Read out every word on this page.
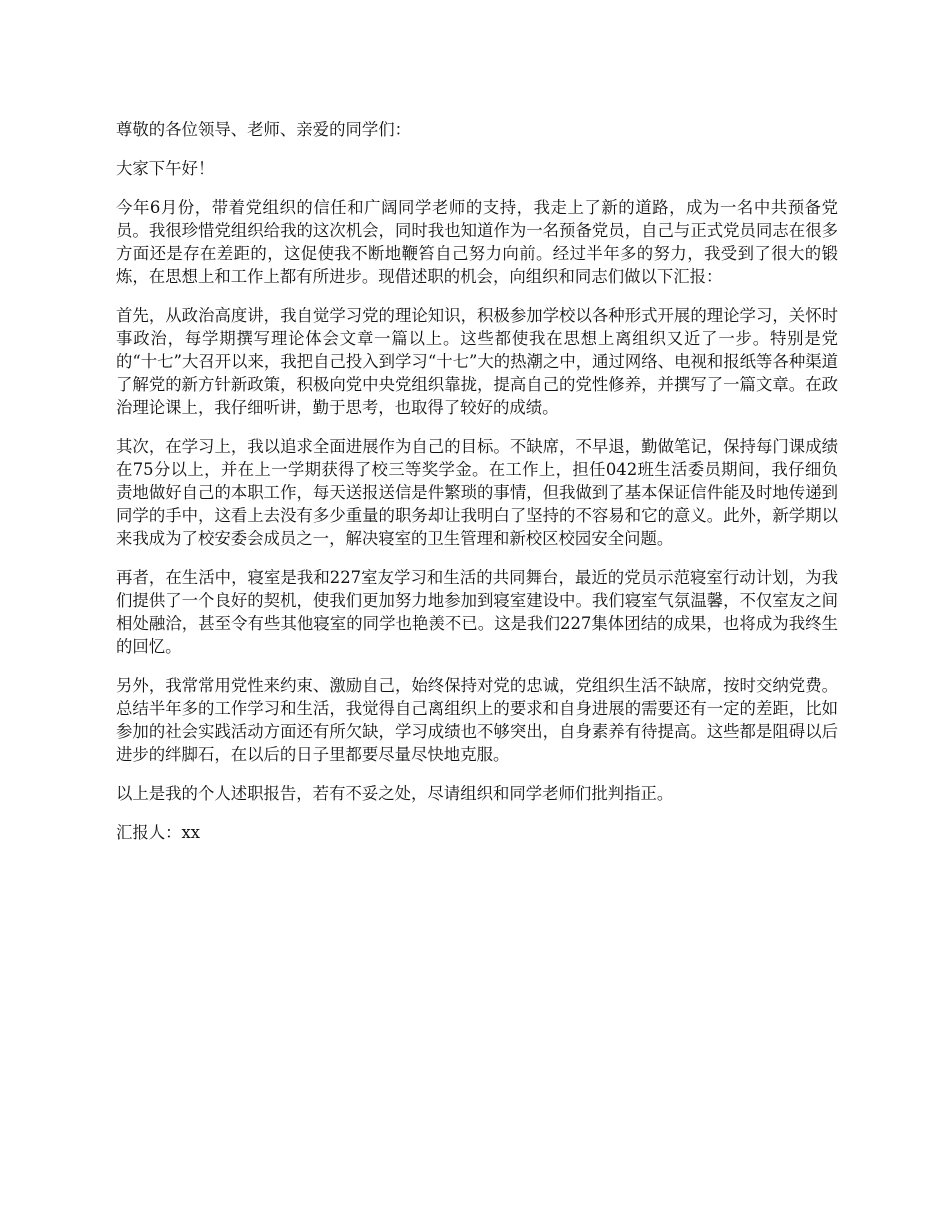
尊敬的各位领导、老师、亲爱的同学们：

大家下午好！

今年6月份，带着党组织的信任和广阔同学老师的支持，我走上了新的道路，成为一名中共预备党员。我很珍惜党组织给我的这次机会，同时我也知道作为一名预备党员，自己与正式党员同志在很多方面还是存在差距的，这促使我不断地鞭笞自己努力向前。经过半年多的努力，我受到了很大的锻炼，在思想上和工作上都有所进步。现借述职的机会，向组织和同志们做以下汇报：

首先，从政治高度讲，我自觉学习党的理论知识，积极参加学校以各种形式开展的理论学习，关怀时事政治，每学期撰写理论体会文章一篇以上。这些都使我在思想上离组织又近了一步。特别是党的“十七”大召开以来，我把自己投入到学习“十七”大的热潮之中，通过网络、电视和报纸等各种渠道了解党的新方针新政策，积极向党中央党组织靠拢，提高自己的党性修养，并撰写了一篇文章。在政治理论课上，我仔细听讲，勤于思考，也取得了较好的成绩。

其次，在学习上，我以追求全面进展作为自己的目标。不缺席，不早退，勤做笔记，保持每门课成绩在75分以上，并在上一学期获得了校三等奖学金。在工作上，担任042班生活委员期间，我仔细负责地做好自己的本职工作，每天送报送信是件繁琐的事情，但我做到了基本保证信件能及时地传递到同学的手中，这看上去没有多少重量的职务却让我明白了坚持的不容易和它的意义。此外，新学期以来我成为了校安委会成员之一，解决寝室的卫生管理和新校区校园安全问题。

再者，在生活中，寝室是我和227室友学习和生活的共同舞台，最近的党员示范寝室行动计划，为我们提供了一个良好的契机，使我们更加努力地参加到寝室建设中。我们寝室气氛温馨，不仅室友之间相处融洽，甚至令有些其他寝室的同学也艳羡不已。这是我们227集体团结的成果，也将成为我终生的回忆。

另外，我常常用党性来约束、激励自己，始终保持对党的忠诚，党组织生活不缺席，按时交纳党费。总结半年多的工作学习和生活，我觉得自己离组织上的要求和自身进展的需要还有一定的差距，比如参加的社会实践活动方面还有所欠缺，学习成绩也不够突出，自身素养有待提高。这些都是阻碍以后进步的绊脚石，在以后的日子里都要尽量尽快地克服。

以上是我的个人述职报告，若有不妥之处，尽请组织和同学老师们批判指正。

汇报人：xx
